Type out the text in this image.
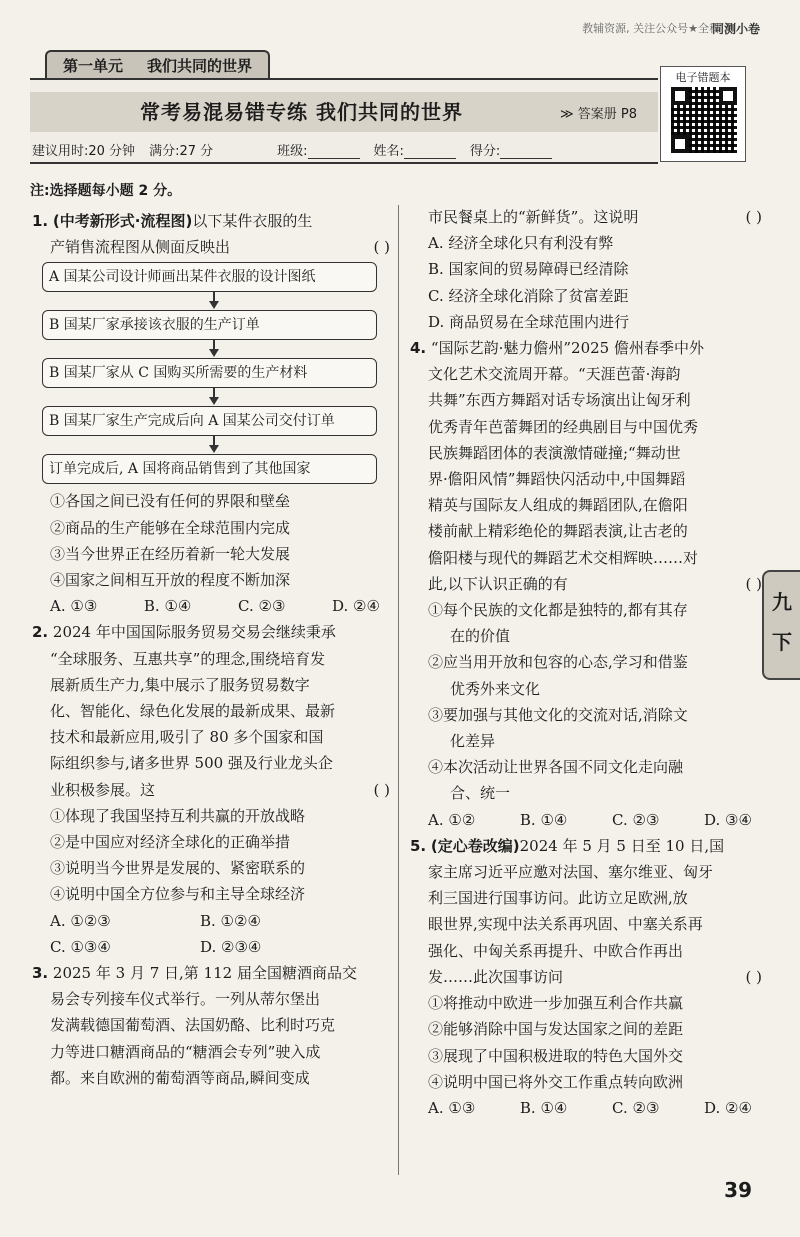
教辅资源, 关注公众号★全科
同测小卷
第一单元 我们共同的世界
常考易混易错专练 我们共同的世界	≫ 答案册 P8
建议用时:20 分钟 满分:27 分	班级:	姓名:	得分:
电子错题本
注:选择题每小题 2 分。
1. (中考新形式·流程图)以下某件衣服的生
产销售流程图从侧面反映出	( )
A 国某公司设计师画出某件衣服的设计图纸
B 国某厂家承接该衣服的生产订单
B 国某厂家从 C 国购买所需要的生产材料
B 国某厂家生产完成后向 A 国某公司交付订单
订单完成后, A 国将商品销售到了其他国家
①各国之间已没有任何的界限和壁垒
②商品的生产能够在全球范围内完成
③当今世界正在经历着新一轮大发展
④国家之间相互开放的程度不断加深
A. ①③	B. ①④	C. ②③	D. ②④
2. 2024 年中国国际服务贸易交易会继续秉承
“全球服务、互惠共享”的理念,围绕培育发
展新质生产力,集中展示了服务贸易数字
化、智能化、绿色化发展的最新成果、最新
技术和最新应用,吸引了 80 多个国家和国
际组织参与,诸多世界 500 强及行业龙头企
业积极参展。这	( )
①体现了我国坚持互利共赢的开放战略
②是中国应对经济全球化的正确举措
③说明当今世界是发展的、紧密联系的
④说明中国全方位参与和主导全球经济
A. ①②③	B. ①②④
C. ①③④	D. ②③④
3. 2025 年 3 月 7 日,第 112 届全国糖酒商品交
易会专列接车仪式举行。一列从蒂尔堡出
发满载德国葡萄酒、法国奶酪、比利时巧克
力等进口糖酒商品的“糖酒会专列”驶入成
都。来自欧洲的葡萄酒等商品,瞬间变成
市民餐桌上的“新鲜货”。这说明	( )
A. 经济全球化只有利没有弊
B. 国家间的贸易障碍已经清除
C. 经济全球化消除了贫富差距
D. 商品贸易在全球范围内进行
4. “国际艺韵·魅力儋州”2025 儋州春季中外
文化艺术交流周开幕。“天涯芭蕾·海韵
共舞”东西方舞蹈对话专场演出让匈牙利
优秀青年芭蕾舞团的经典剧目与中国优秀
民族舞蹈团体的表演激情碰撞;“舞动世
界·儋阳风情”舞蹈快闪活动中,中国舞蹈
精英与国际友人组成的舞蹈团队,在儋阳
楼前献上精彩绝伦的舞蹈表演,让古老的
儋阳楼与现代的舞蹈艺术交相辉映……对
此,以下认识正确的有	( )
①每个民族的文化都是独特的,都有其存
在的价值
②应当用开放和包容的心态,学习和借鉴
优秀外来文化
③要加强与其他文化的交流对话,消除文
化差异
④本次活动让世界各国不同文化走向融
合、统一
A. ①②	B. ①④	C. ②③	D. ③④
5. (定心卷改编)2024 年 5 月 5 日至 10 日,国
家主席习近平应邀对法国、塞尔维亚、匈牙
利三国进行国事访问。此访立足欧洲,放
眼世界,实现中法关系再巩固、中塞关系再
强化、中匈关系再提升、中欧合作再出
发……此次国事访问	( )
①将推动中欧进一步加强互利合作共赢
②能够消除中国与发达国家之间的差距
③展现了中国积极进取的特色大国外交
④说明中国已将外交工作重点转向欧洲
A. ①③	B. ①④	C. ②③	D. ②④
九
下
39
